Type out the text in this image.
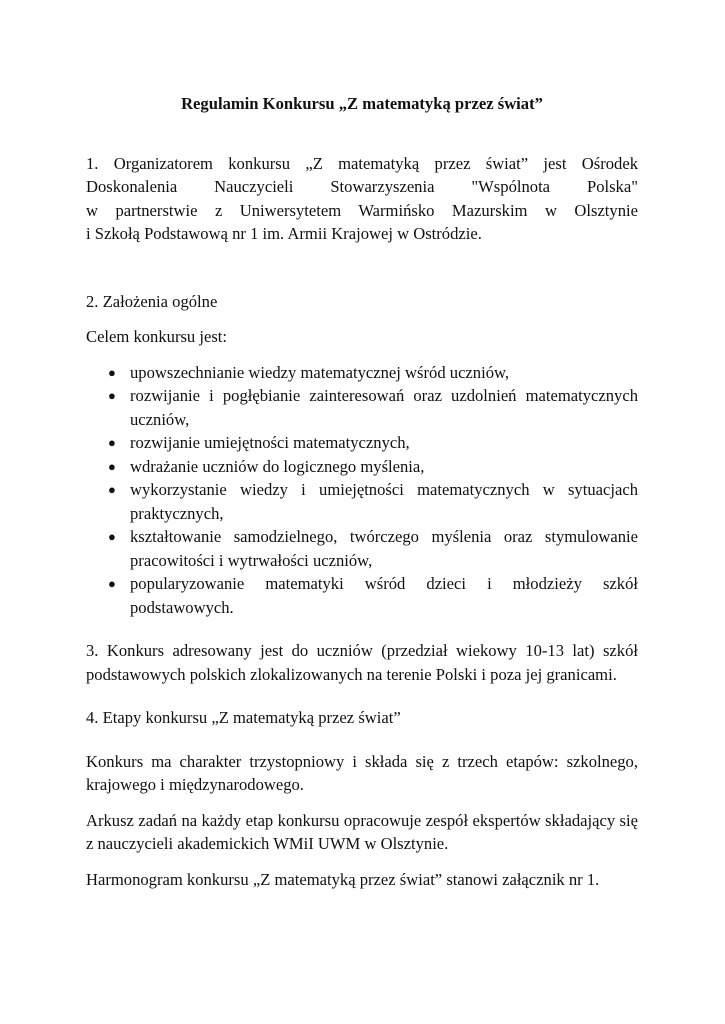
Regulamin Konkursu „Z matematyką przez świat”

1. Organizatorem konkursu „Z matematyką przez świat” jest Ośrodek

Doskonalenia Nauczycieli Stowarzyszenia "Wspólnota Polska"

w partnerstwie z Uniwersytetem Warmińsko Mazurskim w Olsztynie

i Szkołą Podstawową nr 1 im. Armii Krajowej w Ostródzie.

2. Założenia ogólne

Celem konkursu jest:

● upowszechnianie wiedzy matematycznej wśród uczniów,
● rozwijanie i pogłębianie zainteresowań oraz uzdolnień matematycznych uczniów,
● rozwijanie umiejętności matematycznych,
● wdrażanie uczniów do logicznego myślenia,
● wykorzystanie wiedzy i umiejętności matematycznych w sytuacjach praktycznych,
● kształtowanie samodzielnego, twórczego myślenia oraz stymulowanie pracowitości i wytrwałości uczniów,
● popularyzowanie matematyki wśród dzieci i młodzieży szkół podstawowych.

3. Konkurs adresowany jest do uczniów (przedział wiekowy 10-13 lat) szkół podstawowych polskich zlokalizowanych na terenie Polski i poza jej granicami.

4. Etapy konkursu „Z matematyką przez świat”

Konkurs ma charakter trzystopniowy i składa się z trzech etapów: szkolnego, krajowego i międzynarodowego.

Arkusz zadań na każdy etap konkursu opracowuje zespół ekspertów składający się z nauczycieli akademickich WMiI UWM w Olsztynie.

Harmonogram konkursu „Z matematyką przez świat” stanowi załącznik nr 1.
